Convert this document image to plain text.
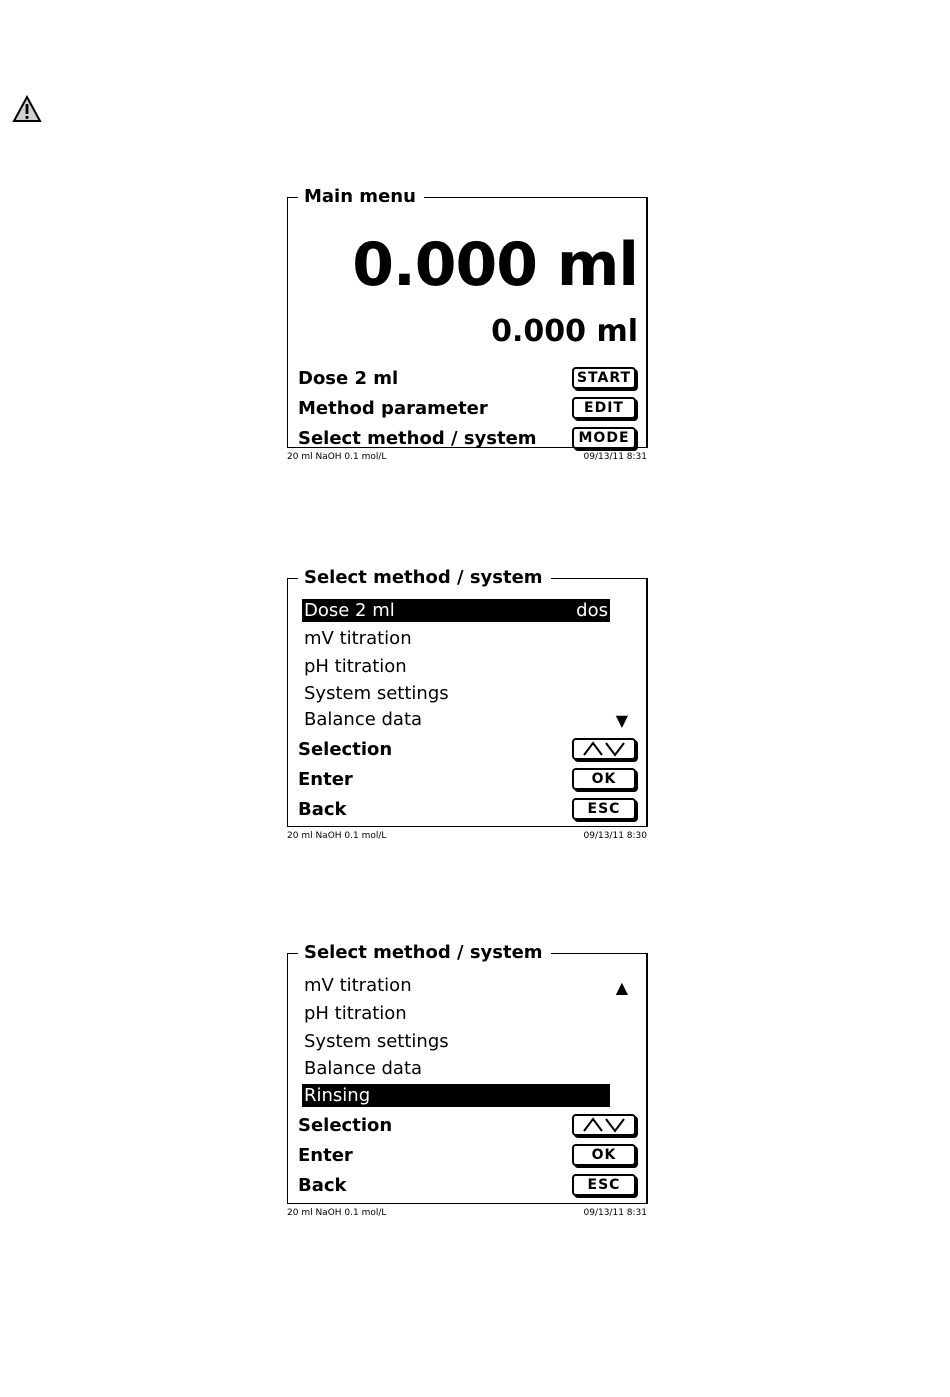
Main menu
0.000 ml
0.000 ml
Dose 2 ml	START
Method parameter	EDIT
Select method / system	MODE
20 ml NaOH 0.1 mol/L	09/13/11 8:31
Select method / system
Dose 2 ml	dos
mV titration
pH titration
System settings
Balance data	▼
Selection
Enter	OK
Back	ESC
20 ml NaOH 0.1 mol/L	09/13/11 8:30
Select method / system
▲
mV titration
pH titration
System settings
Balance data
Rinsing
Selection
Enter	OK
Back	ESC
20 ml NaOH 0.1 mol/L	09/13/11 8:31
